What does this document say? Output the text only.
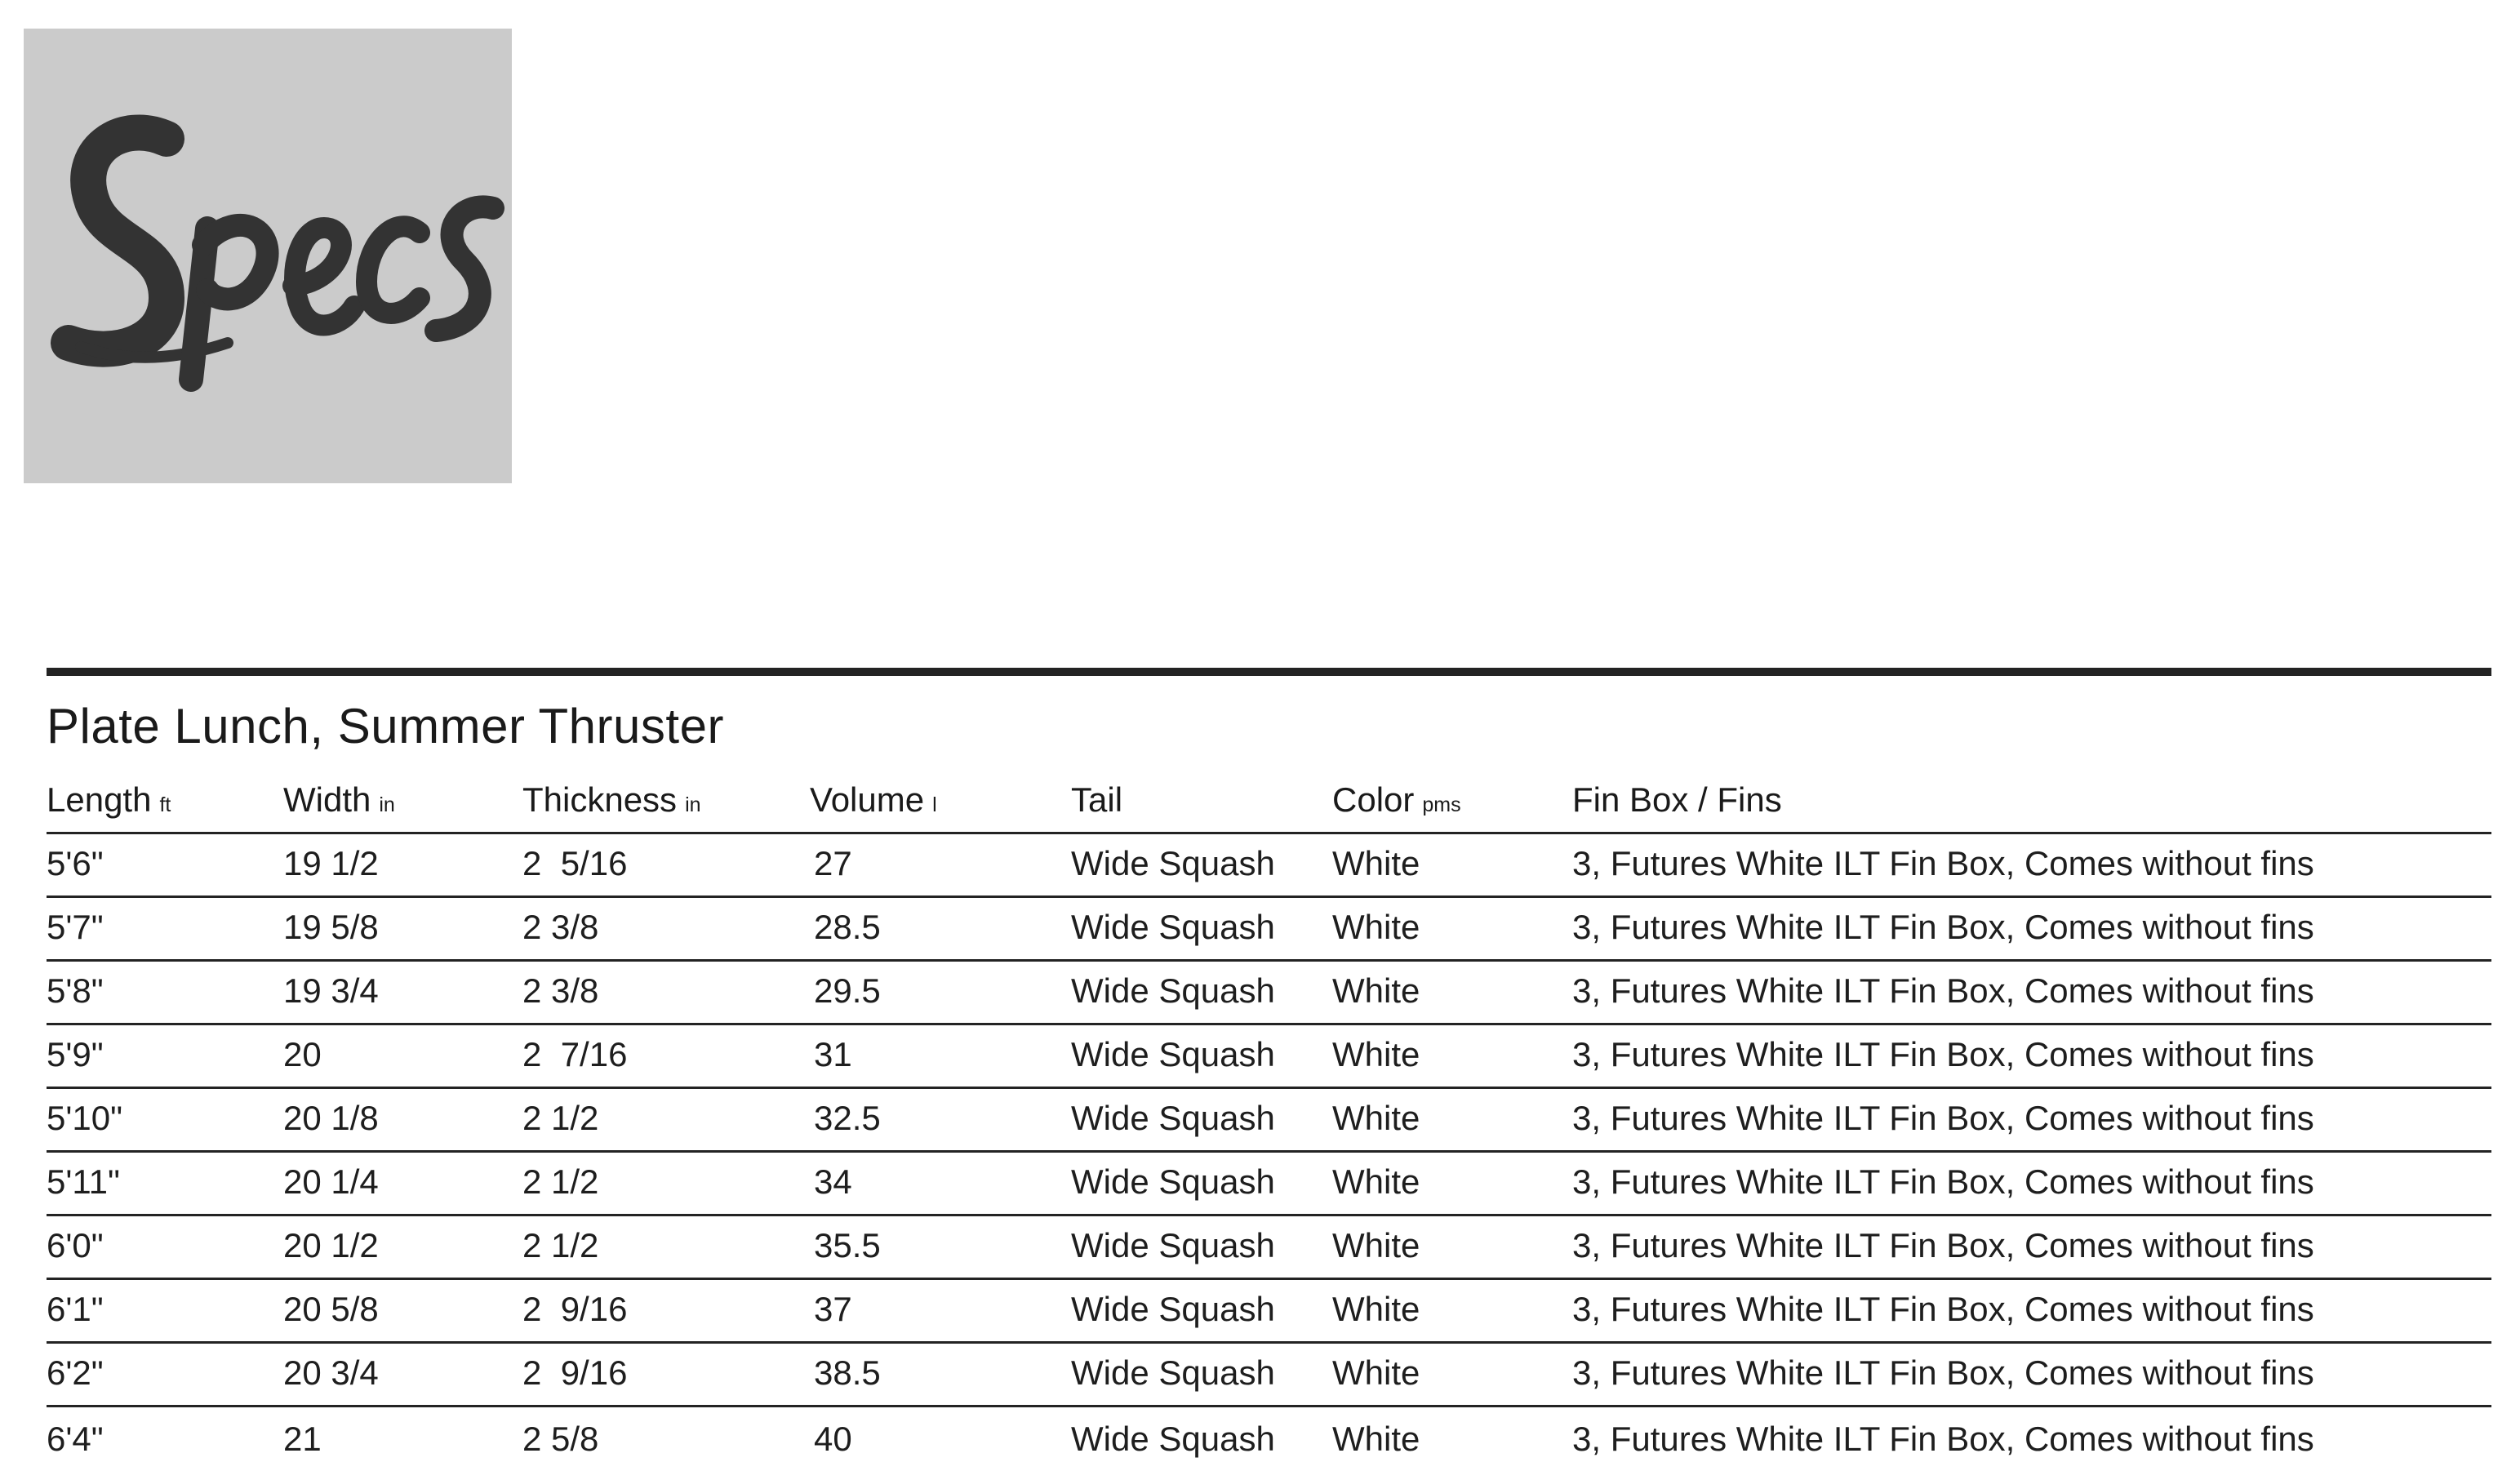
Plate Lunch, Summer Thruster
Length ft	Width in	Thickness in	Volume l	Tail	Color pms	Fin Box / Fins
5'6"	19 1/2	2  5/16	27	Wide Squash	White	3, Futures White ILT Fin Box, Comes without fins
5'7"	19 5/8	2 3/8	28.5	Wide Squash	White	3, Futures White ILT Fin Box, Comes without fins
5'8"	19 3/4	2 3/8	29.5	Wide Squash	White	3, Futures White ILT Fin Box, Comes without fins
5'9"	20	2  7/16	31	Wide Squash	White	3, Futures White ILT Fin Box, Comes without fins
5'10"	20 1/8	2 1/2	32.5	Wide Squash	White	3, Futures White ILT Fin Box, Comes without fins
5'11"	20 1/4	2 1/2	34	Wide Squash	White	3, Futures White ILT Fin Box, Comes without fins
6'0"	20 1/2	2 1/2	35.5	Wide Squash	White	3, Futures White ILT Fin Box, Comes without fins
6'1"	20 5/8	2  9/16	37	Wide Squash	White	3, Futures White ILT Fin Box, Comes without fins
6'2"	20 3/4	2  9/16	38.5	Wide Squash	White	3, Futures White ILT Fin Box, Comes without fins
6'4"	21	2 5/8	40	Wide Squash	White	3, Futures White ILT Fin Box, Comes without fins
